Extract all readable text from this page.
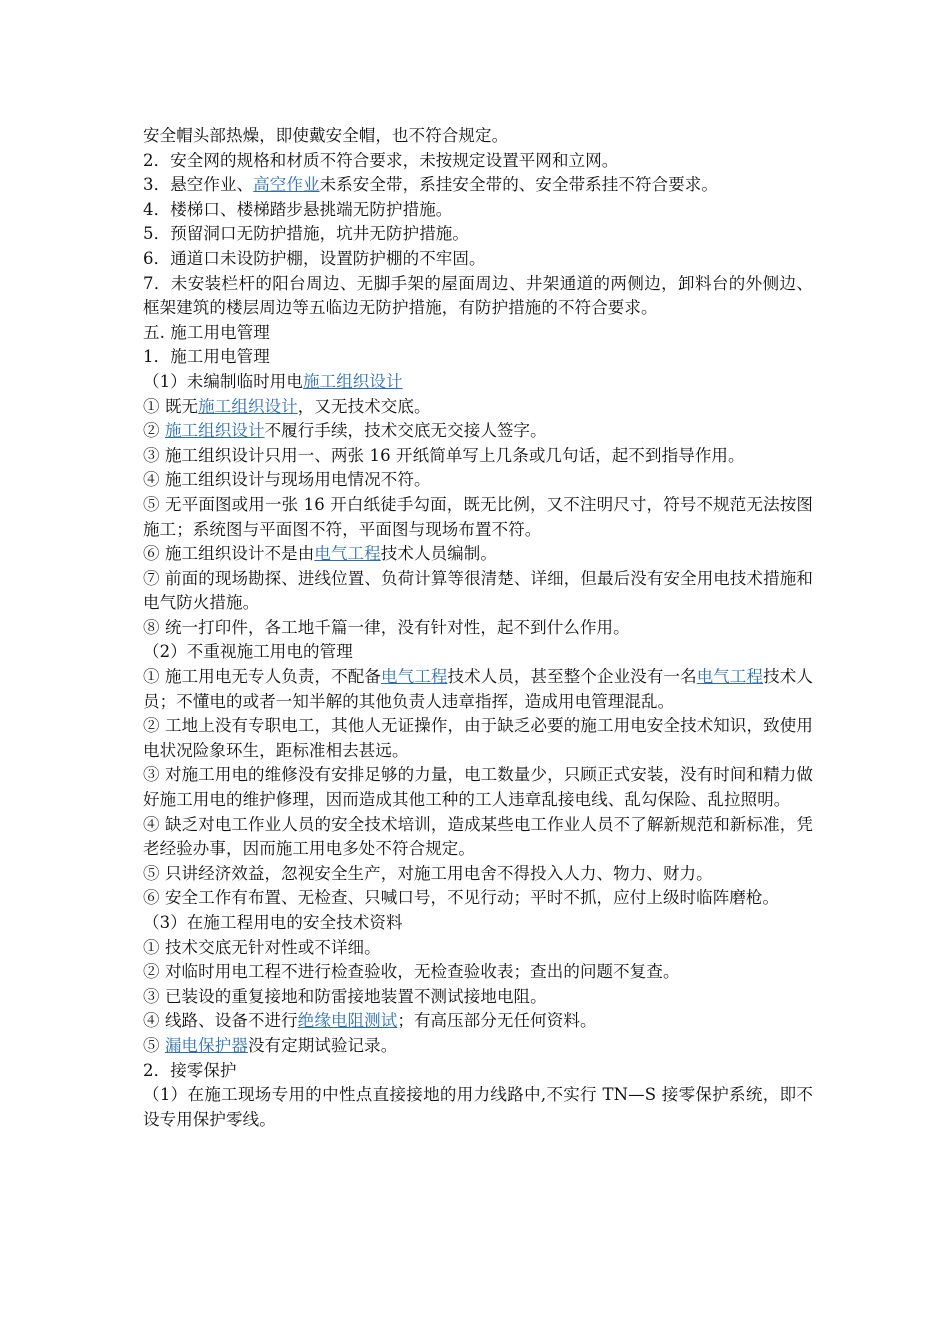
安全帽头部热燥，即使戴安全帽，也不符合规定。

2．安全网的规格和材质不符合要求，未按规定设置平网和立网。

3．悬空作业、高空作业未系安全带，系挂安全带的、安全带系挂不符合要求。

4．楼梯口、楼梯踏步悬挑端无防护措施。

5．预留洞口无防护措施，坑井无防护措施。

6．通道口未设防护棚，设置防护棚的不牢固。

7．未安装栏杆的阳台周边、无脚手架的屋面周边、井架通道的两侧边，卸料台的外侧边、框架建筑的楼层周边等五临边无防护措施，有防护措施的不符合要求。

五. 施工用电管理

1．施工用电管理

（1）未编制临时用电施工组织设计

① 既无施工组织设计，又无技术交底。

② 施工组织设计不履行手续，技术交底无交接人签字。

③ 施工组织设计只用一、两张 16 开纸简单写上几条或几句话，起不到指导作用。

④ 施工组织设计与现场用电情况不符。

⑤ 无平面图或用一张 16 开白纸徒手勾面，既无比例，又不注明尺寸，符号不规范无法按图施工；系统图与平面图不符，平面图与现场布置不符。

⑥ 施工组织设计不是由电气工程技术人员编制。

⑦ 前面的现场勘探、进线位置、负荷计算等很清楚、详细，但最后没有安全用电技术措施和电气防火措施。

⑧ 统一打印件，各工地千篇一律，没有针对性，起不到什么作用。

（2）不重视施工用电的管理

① 施工用电无专人负责，不配备电气工程技术人员，甚至整个企业没有一名电气工程技术人员；不懂电的或者一知半解的其他负责人违章指挥，造成用电管理混乱。

② 工地上没有专职电工，其他人无证操作，由于缺乏必要的施工用电安全技术知识，致使用电状况险象环生，距标准相去甚远。

③ 对施工用电的维修没有安排足够的力量，电工数量少，只顾正式安装，没有时间和精力做好施工用电的维护修理，因而造成其他工种的工人违章乱接电线、乱勾保险、乱拉照明。

④ 缺乏对电工作业人员的安全技术培训，造成某些电工作业人员不了解新规范和新标准，凭老经验办事，因而施工用电多处不符合规定。

⑤ 只讲经济效益，忽视安全生产，对施工用电舍不得投入人力、物力、财力。

⑥ 安全工作有布置、无检查、只喊口号，不见行动；平时不抓，应付上级时临阵磨枪。

（3）在施工程用电的安全技术资料

① 技术交底无针对性或不详细。

② 对临时用电工程不进行检查验收，无检查验收表；查出的问题不复查。

③ 已装设的重复接地和防雷接地装置不测试接地电阻。

④ 线路、设备不进行绝缘电阻测试；有高压部分无任何资料。

⑤ 漏电保护器没有定期试验记录。

2．接零保护

（1）在施工现场专用的中性点直接接地的用力线路中,不实行 TN—S 接零保护系统，即不设专用保护零线。
